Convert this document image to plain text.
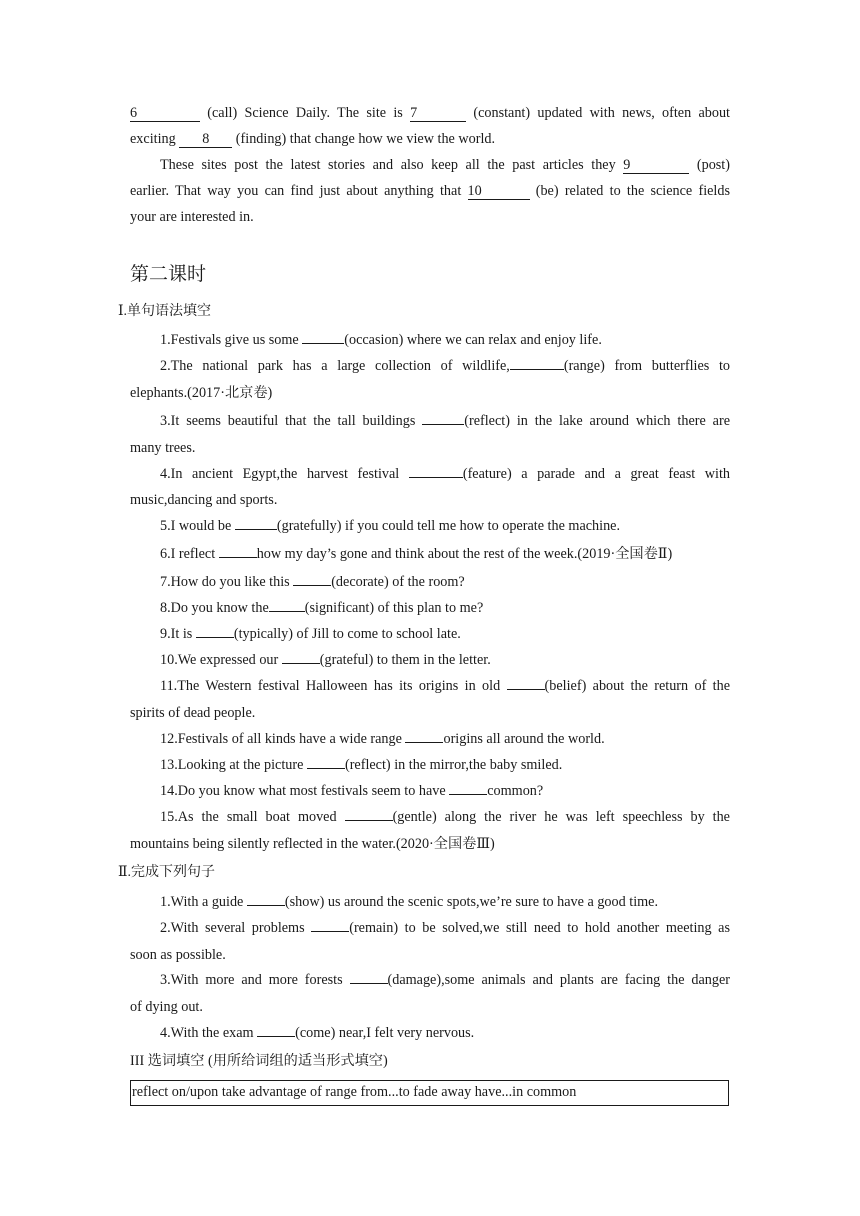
6	(call) Science Daily. The site is 7	(constant) updated with news, often about
exciting 8 (finding) that change how we view the world.
These sites post the latest stories and also keep all the past articles they 9	(post)
earlier. That way you can find just about anything that 10	(be) related to the science fields
your are interested in.
第二课时
Ⅰ.单句语法填空
1.Festivals give us some	(occasion) where we can relax and enjoy life.
2.The national park has a large collection of wildlife,	(range) from butterflies to
elephants.(2017·北京卷)
3.It seems beautiful that the tall buildings	(reflect) in the lake around which there are
many trees.
4.In ancient Egypt,the harvest festival	(feature) a parade and a great feast with
music,dancing and sports.
5.I would be	(gratefully) if you could tell me how to operate the machine.
6.I reflect	how my day’s gone and think about the rest of the week.(2019·全国卷Ⅱ)
7.How do you like this	(decorate) of the room?
8.Do you know the	(significant) of this plan to me?
9.It is	(typically) of Jill to come to school late.
10.We expressed our	(grateful) to them in the letter.
11.The Western festival Halloween has its origins in old	(belief) about the return of the
spirits of dead people.
12.Festivals of all kinds have a wide range	origins all around the world.
13.Looking at the picture	(reflect) in the mirror,the baby smiled.
14.Do you know what most festivals seem to have	common?
15.As the small boat moved	(gentle) along the river he was left speechless by the
mountains being silently reflected in the water.(2020·全国卷Ⅲ)
Ⅱ.完成下列句子
1.With a guide	(show) us around the scenic spots,we’re sure to have a good time.
2.With several problems	(remain) to be solved,we still need to hold another meeting as
soon as possible.
3.With more and more forests	(damage),some animals and plants are facing the danger
of dying out.
4.With the exam	(come) near,I felt very nervous.
III 选词填空 (用所给词组的适当形式填空)
reflect on/upon take advantage of range from...to fade away have...in common
